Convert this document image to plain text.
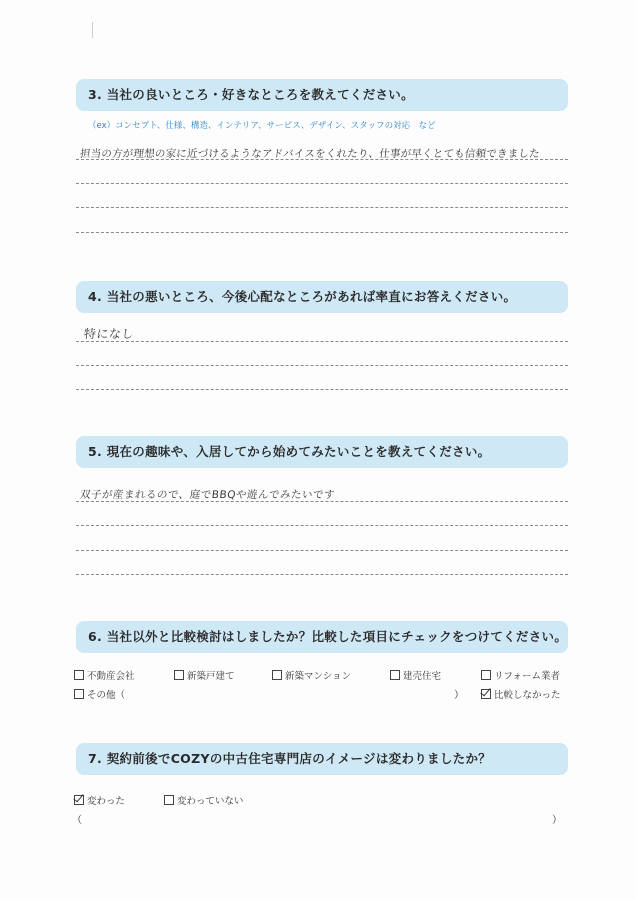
3. 当社の良いところ・好きなところを教えてください。
（ex）コンセプト、仕様、構造、インテリア、サービス、デザイン、スタッフの対応　など
担当の方が理想の家に近づけるようなアドバイスをくれたり、仕事が早くとても信頼できました
4. 当社の悪いところ、今後心配なところがあれば率直にお答えください。
特になし
5. 現在の趣味や、入居してから始めてみたいことを教えてください。
双子が産まれるので、庭でBBQや遊んでみたいです
6. 当社以外と比較検討はしましたか？比較した項目にチェックをつけてください。
不動産会社	新築戸建て	新築マンション	建売住宅	リフォーム業者
その他（	）	比較しなかった
7. 契約前後でCOZYの中古住宅専門店のイメージは変わりましたか？
変わった	変わっていない
（	）
